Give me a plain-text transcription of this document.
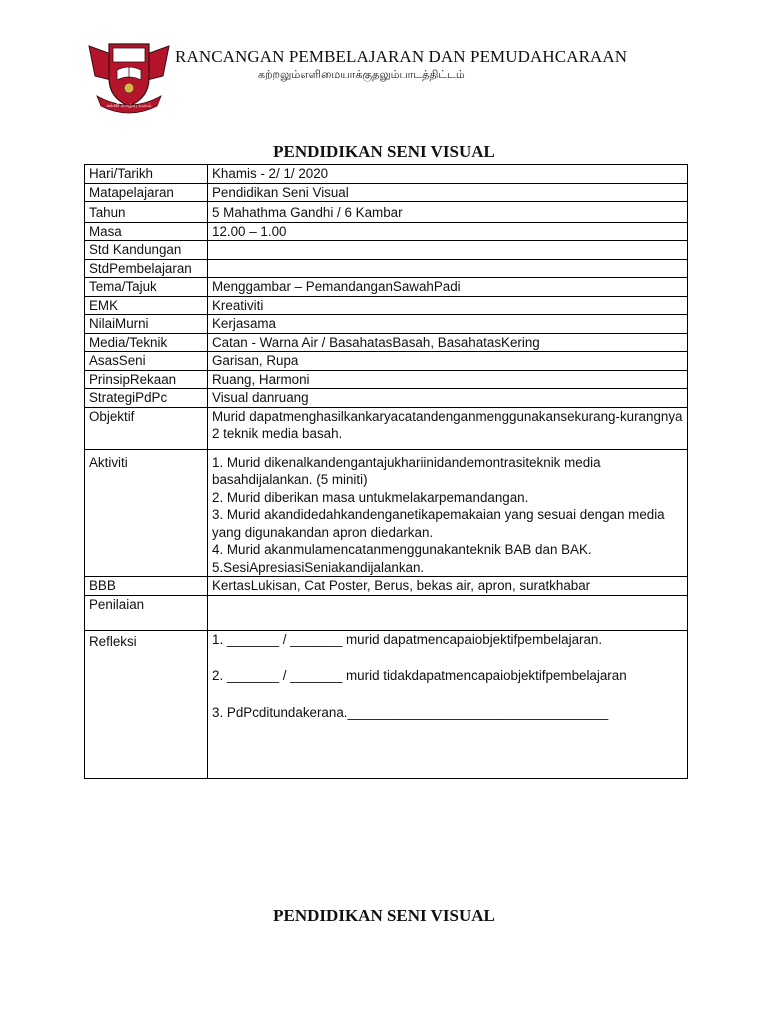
கல்வி வாழ்வு வளம்
RANCANGAN PEMBELAJARAN DAN PEMUDAHCARAAN
கற்றலும்எளிமையாக்குதலும்பாடத்திட்டம்
PENDIDIKAN SENI VISUAL
Hari/Tarikh	Khamis - 2/ 1/ 2020
Matapelajaran	Pendidikan Seni Visual
Tahun	5 Mahathma Gandhi / 6 Kambar
Masa	12.00 – 1.00
Std Kandungan	
StdPembelajaran	
Tema/Tajuk	Menggambar – PemandanganSawahPadi
EMK	Kreativiti
NilaiMurni	Kerjasama
Media/Teknik	Catan - Warna Air / BasahatasBasah, BasahatasKering
AsasSeni	Garisan, Rupa
PrinsipRekaan	Ruang, Harmoni
StrategiPdPc	Visual danruang
Objektif	Murid dapatmenghasilkankaryacatandenganmenggunakansekurang-kurangnya 2 teknik media basah.
Aktiviti	1. Murid dikenalkandengantajukhariinidandemontrasiteknik media basahdijalankan. (5 miniti)
2. Murid diberikan masa untukmelakarpemandangan.
3. Murid akandidedahkandenganetikapemakaian yang sesuai dengan media yang digunakandan apron diedarkan.
4. Murid akanmulamencatanmenggunakanteknik BAB dan BAK.
5.SesiApresiasiSeniakandijalankan.

BBB	KertasLukisan, Cat Poster, Berus, bekas air, apron, suratkhabar
Penilaian	
Refleksi	1. _______ / _______ murid dapatmencapaiobjektifpembelajaran.
2. _______ / _______ murid tidakdapatmencapaiobjektifpembelajaran
3. PdPcditundakerana.___________________________________
PENDIDIKAN SENI VISUAL
